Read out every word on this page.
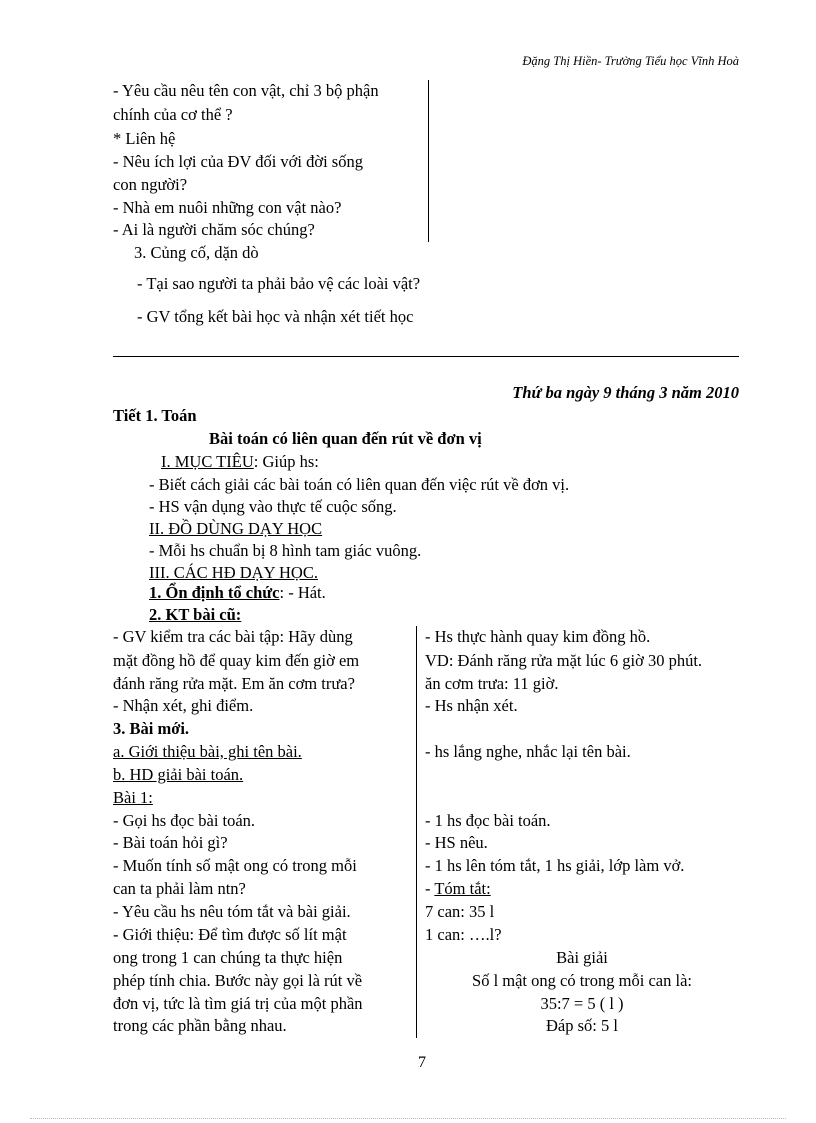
Đặng Thị Hiền- Trường Tiểu học Vĩnh Hoà
- Yêu cầu nêu tên con vật, chỉ 3 bộ phận
chính của cơ thể ?
* Liên hệ
- Nêu ích lợi của ĐV đối với đời sống
con người?
- Nhà em nuôi những con vật nào?
- Ai là người chăm sóc chúng?
3. Củng cố, dặn dò
- Tại sao người ta phải bảo vệ các loài vật?
- GV tổng kết bài học và nhận xét tiết học
Thứ ba ngày 9 tháng 3 năm 2010
Tiết 1. Toán
Bài toán có liên quan đến rút về đơn vị
I. MỤC TIÊU: Giúp hs:
- Biết cách giải các bài toán có liên quan đến việc rút về đơn vị.
- HS vận dụng vào thực tế cuộc sống.
II. ĐỒ DÙNG DẠY HỌC
- Mỗi hs chuẩn bị 8 hình tam giác vuông.
III. CÁC HĐ DẠY HỌC.
1. Ổn định tổ chức: - Hát.
2. KT bài cũ:
- GV kiểm tra các bài tập: Hãy dùng
mặt đồng hồ để quay kim đến giờ em
đánh răng rửa mặt. Em ăn cơm trưa?
- Nhận xét, ghi điểm.
3. Bài mới.
a. Giới thiệu bài, ghi tên bài.
b. HD giải bài toán.
Bài 1:
- Gọi hs đọc bài toán.
- Bài toán hỏi gì?
- Muốn tính số mật ong có trong mỗi
can ta phải làm ntn?
- Yêu cầu hs nêu tóm tắt và bài giải.
- Giới thiệu: Để tìm được số lít mật
ong trong 1 can chúng ta thực hiện
phép tính chia. Bước này gọi là rút về
đơn vị, tức là tìm giá trị của một phần
trong các phần bằng nhau.
- Hs thực hành quay kim đồng hồ.
VD: Đánh răng rửa mặt lúc 6 giờ 30 phút.
ăn cơm trưa: 11 giờ.
- Hs nhận xét.
- hs lắng nghe, nhắc lại tên bài.
- 1 hs đọc bài toán.
- HS nêu.
- 1 hs lên tóm tắt, 1 hs giải, lớp làm vở.
- Tóm tắt:
7 can: 35 l
1 can: ….l?
Bài giải
Số l mật ong có trong mỗi can là:
35:7 = 5 ( l )
Đáp số: 5 l
7
